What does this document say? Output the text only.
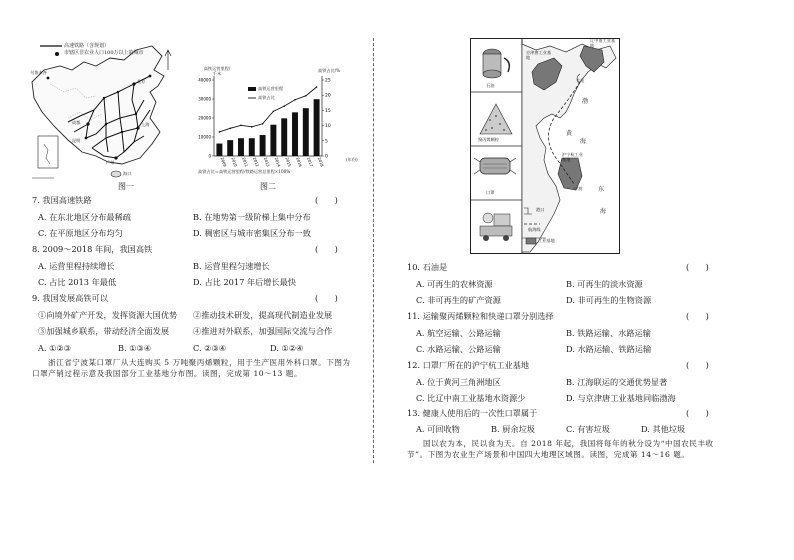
高速铁路（含规划）
市辖区非农业人口100万以上的城市
乌鲁木齐
北京
上海
成都
昆明
广州
海口
图一
高铁运营里程/千米
高铁占比/%
40000
30000
20000
10000
0
25
20
15
10
5
0
2009 2010 2011 2012 2013 2014 2015 2016 2017 2018
高铁运营里程
高铁占比
(年份)
高铁占比＝高铁运营里程/铁路运营总里程×100%
图二
7. 我国高速铁路	(　　)
A. 在东北地区分布最稀疏	B. 在地势第一级阶梯上集中分布
C. 在平原地区分布均匀	D. 稠密区与城市密集区分布一致
8. 2009～2018 年间，我国高铁	(　　)
A. 运营里程持续增长	B. 运营里程匀速增长
C. 占比 2013 年最低	D. 占比 2017 年后增长最快
9. 我国发展高铁可以	(　　)
①向境外矿产开发，发挥资源大国优势 ②推动技术研发，提高现代制造业发展
③加强城乡联系，带动经济全面发展	④推进对外联系，加强国际交流与合作
A. ①②③	B. ①③④	C. ②③④	D. ①②④
浙江省宁波某口罩厂从大连购买 5 万吨聚丙烯颗粒，用于生产医用外科口罩。下图为口罩产销过程示意及我国部分工业基地分布图。读图，完成第 10～13 题。
石油
聚丙烯颗粒
口罩
港口
航海线
工业基地
京津唐工业基地
辽中南工业基地
沪宁杭工业基地
大连
宁波
渤
黄
海
东
海
10. 石油是	(　　)
A. 可再生的农林资源	B. 可再生的淡水资源
C. 非可再生的矿产资源	D. 非可再生的生物资源
11. 运输聚丙烯颗粒和快递口罩分别选择	(　　)
A. 航空运输、公路运输	B. 铁路运输、水路运输
C. 水路运输、公路运输	D. 水路运输、铁路运输
12. 口罩厂所在的沪宁杭工业基地	(　　)
A. 位于黄河三角洲地区	B. 江海联运的交通优势显著
C. 比辽中南工业基地水资源少	D. 与京津唐工业基地同临渤海
13. 健康人使用后的一次性口罩属于	(　　)
A. 可回收物	B. 厨余垃圾	C. 有害垃圾	D. 其他垃圾
国以农为本，民以食为天。自 2018 年起，我国将每年的秋分设为“中国农民丰收节”。下图为农业生产场景和中国四大地理区域图。读图，完成第 14～16 题。
